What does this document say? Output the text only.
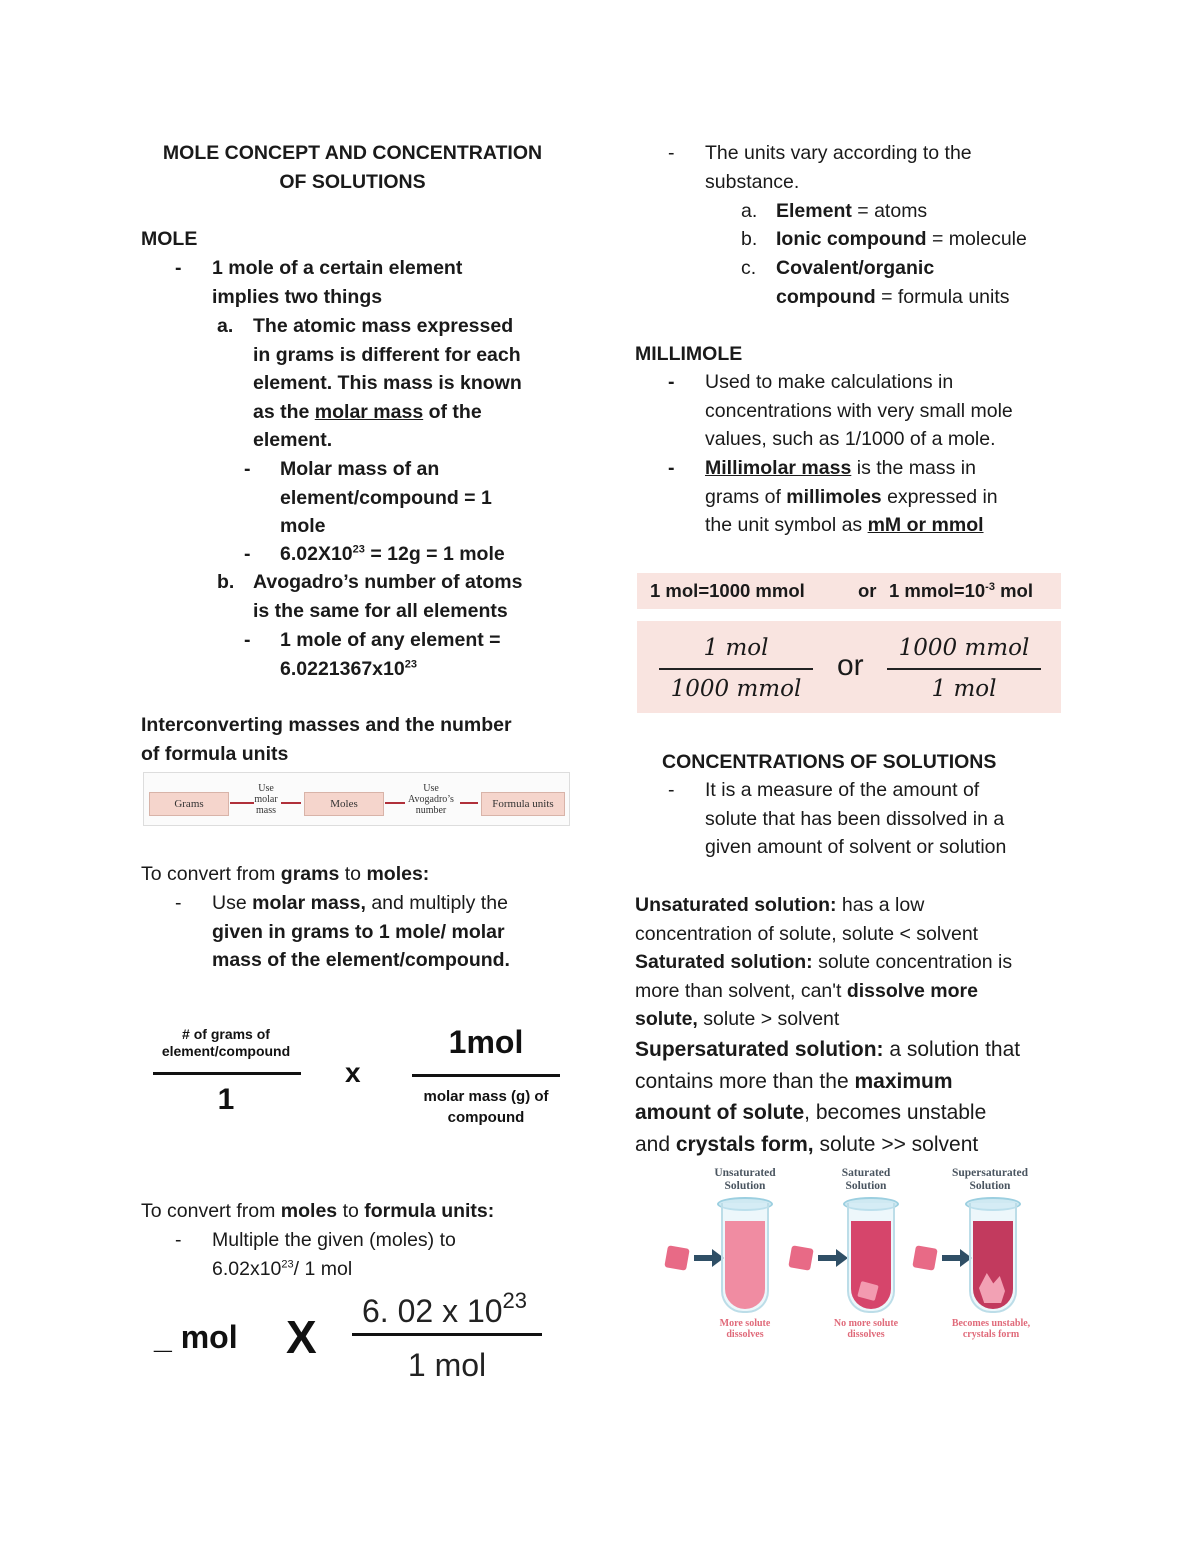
MOLE CONCEPT AND CONCENTRATION
OF SOLUTIONS
MOLE
- 1 mole of a certain element
implies two things
a. The atomic mass expressed
in grams is different for each
element. This mass is known
as the molar mass of the
element.
- Molar mass of an
element/compound = 1
mole
-	$6.02X10^{23} = 12g = 1$ mole
b. Avogadro’s number of atoms
is the same for all elements
- 1 mole of any element =
$6.0221367x10^{23}$
Interconverting masses and the number
of formula units
Grams
Use
molar
mass
Moles
Use
Avogadro’s
number
Formula units
To convert from grams to moles:
- Use molar mass, and multiply the
given in grams to 1 mole/ molar
mass of the element/compound.
# of grams of
element/compound
1
x
1mol
molar mass (g) of
compound
To convert from moles to formula units:
- Multiple the given (moles) to
$6.02x10^{23}/$ 1 mol
_ mol X 6. 02 x $10^{23}$
1 mol
- The units vary according to the
substance.
a. Element = atoms
b. Ionic compound = molecule
c. Covalent/organic
compound = formula units
MILLIMOLE
- Used to make calculations in
concentrations with very small mole
values, such as 1/1000 of a mole.
- Millimolar mass is the mass in
grams of millimoles expressed in
the unit symbol as mM or mmol
1 mol=1000 mmol	or 1 $mmol=10^{-3}$ mol
1 mol
1000 mmol
or
1000 mmol
1 mol
CONCENTRATIONS OF SOLUTIONS
- It is a measure of the amount of
solute that has been dissolved in a
given amount of solvent or solution
Unsaturated solution: has a low
concentration of solute, solute < solvent
Saturated solution: solute concentration is
more than solvent, can't dissolve more
solute, solute > solvent
Supersaturated solution: a solution that
contains more than the maximum
amount of solute, becomes unstable
and crystals form, solute >> solvent
Unsaturated
Solution
More solute
dissolves
Saturated
Solution
No more solute
dissolves
Supersaturated
Solution
Becomes unstable,
crystals form
